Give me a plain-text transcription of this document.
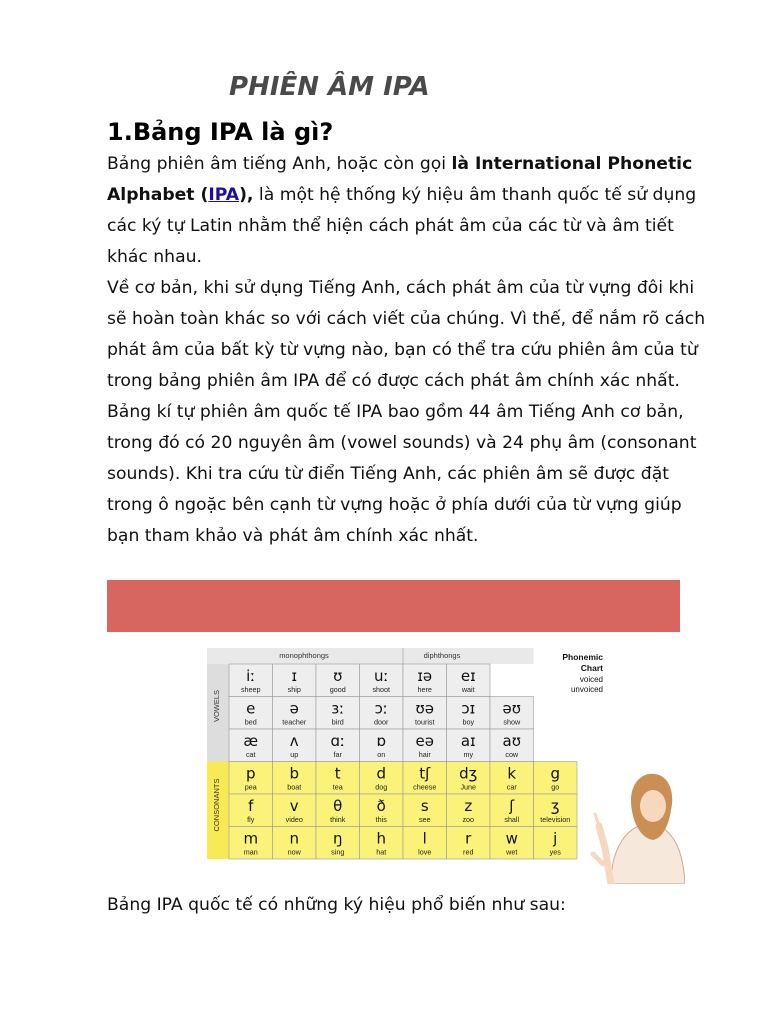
PHIÊN ÂM IPA
1.Bảng IPA là gì?

Bảng phiên âm tiếng Anh, hoặc còn gọi là International Phonetic Alphabet (IPA), là một hệ thống ký hiệu âm thanh quốc tế sử dụng các ký tự Latin nhằm thể hiện cách phát âm của các từ và âm tiết khác nhau.

Về cơ bản, khi sử dụng Tiếng Anh, cách phát âm của từ vựng đôi khi sẽ hoàn toàn khác so với cách viết của chúng. Vì thế, để nắm rõ cách phát âm của bất kỳ từ vựng nào, bạn có thể tra cứu phiên âm của từ trong bảng phiên âm IPA để có được cách phát âm chính xác nhất.

Bảng kí tự phiên âm quốc tế IPA bao gồm 44 âm Tiếng Anh cơ bản, trong đó có 20 nguyên âm (vowel sounds) và 24 phụ âm (consonant sounds). Khi tra cứu từ điển Tiếng Anh, các phiên âm sẽ được đặt trong ô ngoặc bên cạnh từ vựng hoặc ở phía dưới của từ vựng giúp bạn tham khảo và phát âm chính xác nhất.

iː
sheep
ɪ
ship
ʊ
good
uː
shoot
ɪə
here
eɪ
wait
e
bed
ə
teacher
ɜː
bird
ɔː
door
ʊə
tourist
ɔɪ
boy
əʊ
show
æ
cat
ʌ
up
ɑː
far
ɒ
on
eə
hair
aɪ
my
aʊ
cow
p
pea
b
boat
t
tea
d
dog
tʃ
cheese
dʒ
June
k
car
g
go
f
fly
v
video
θ
think
ð
this
s
see
z
zoo
ʃ
shall
ʒ
television
m
man
n
now
ŋ
sing
h
hat
l
love
r
red
w
wet
j
yes
monophthongs	diphthongs
VOWELS
CONSONANTS
Phonemic
Chart
voiced
unvoiced

Bảng IPA quốc tế có những ký hiệu phổ biến như sau:
